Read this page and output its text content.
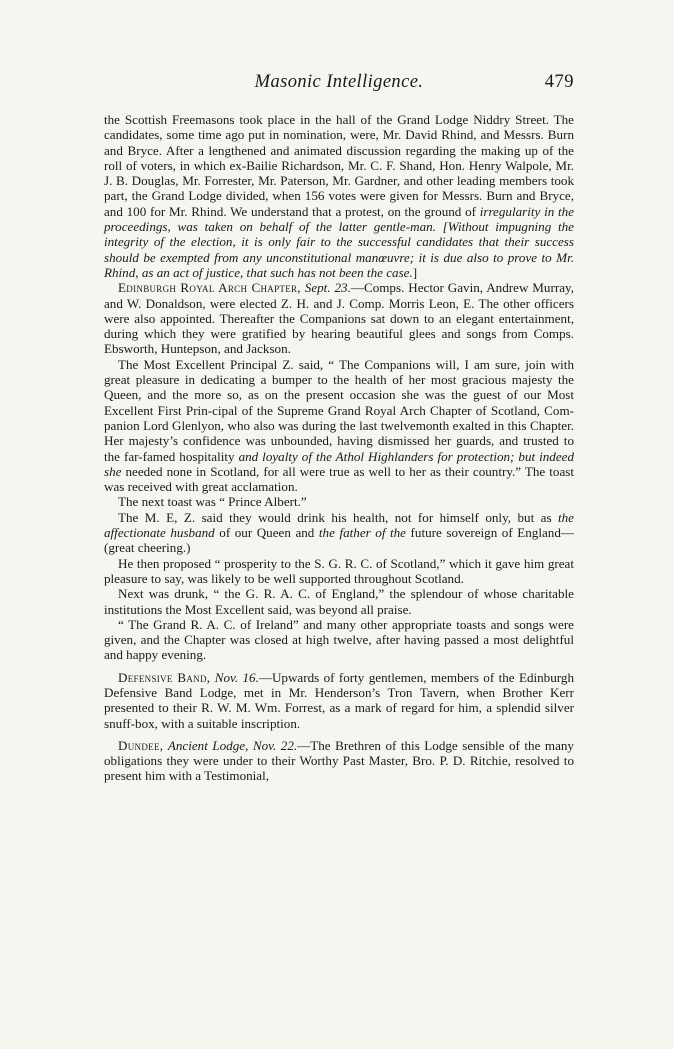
Masonic Intelligence.	479

the Scottish Freemasons took place in the hall of the Grand Lodge Niddry Street. The candidates, some time ago put in nomination, were, Mr. David Rhind, and Messrs. Burn and Bryce. After a lengthened and animated discussion regarding the making up of the roll of voters, in which ex-Bailie Richardson, Mr. C. F. Shand, Hon. Henry Walpole, Mr. J. B. Douglas, Mr. Forrester, Mr. Paterson, Mr. Gardner, and other leading members took part, the Grand Lodge divided, when 156 votes were given for Messrs. Burn and Bryce, and 100 for Mr. Rhind. We understand that a protest, on the ground of irregularity in the proceedings, was taken on behalf of the latter gentle-man. [Without impugning the integrity of the election, it is only fair to the successful candidates that their success should be exempted from any unconstitutional manœuvre; it is due also to prove to Mr. Rhind, as an act of justice, that such has not been the case.]

Edinburgh Royal Arch Chapter, Sept. 23.—Comps. Hector Gavin, Andrew Murray, and W. Donaldson, were elected Z. H. and J. Comp. Morris Leon, E. The other officers were also appointed. Thereafter the Companions sat down to an elegant entertainment, during which they were gratified by hearing beautiful glees and songs from Comps. Ebsworth, Huntерson, and Jackson.

The Most Excellent Principal Z. said, “ The Companions will, I am sure, join with great pleasure in dedicating a bumper to the health of her most gracious majesty the Queen, and the more so, as on the present occasion she was the guest of our Most Excellent First Prin-cipal of the Supreme Grand Royal Arch Chapter of Scotland, Com-panion Lord Glenlyon, who also was during the last twelvemonth exalted in this Chapter. Her majesty’s confidence was unbounded, having dismissed her guards, and trusted to the far-famed hospitality and loyalty of the Athol Highlanders for protection; but indeed she needed none in Scotland, for all were true as well to her as their country.” The toast was received with great acclamation.

The next toast was “ Prince Albert.”

The M. E, Z. said they would drink his health, not for himself only, but as the affectionate husband of our Queen and the father of the future sovereign of England—(great cheering.)

He then proposed “ prosperity to the S. G. R. C. of Scotland,” which it gave him great pleasure to say, was likely to be well supported throughout Scotland.

Next was drunk, “ the G. R. A. C. of England,” the splendour of whose charitable institutions the Most Excellent said, was beyond all praise.

“ The Grand R. A. C. of Ireland” and many other appropriate toasts and songs were given, and the Chapter was closed at high twelve, after having passed a most delightful and happy evening.

Defensive Band, Nov. 16.—Upwards of forty gentlemen, members of the Edinburgh Defensive Band Lodge, met in Mr. Henderson’s Tron Tavern, when Brother Kerr presented to their R. W. M. Wm. Forrest, as a mark of regard for him, a splendid silver snuff-box, with a suitable inscription.

Dundee, Ancient Lodge, Nov. 22.—The Brethren of this Lodge sensible of the many obligations they were under to their Worthy Past Master, Bro. P. D. Ritchie, resolved to present him with a Testimonial,
